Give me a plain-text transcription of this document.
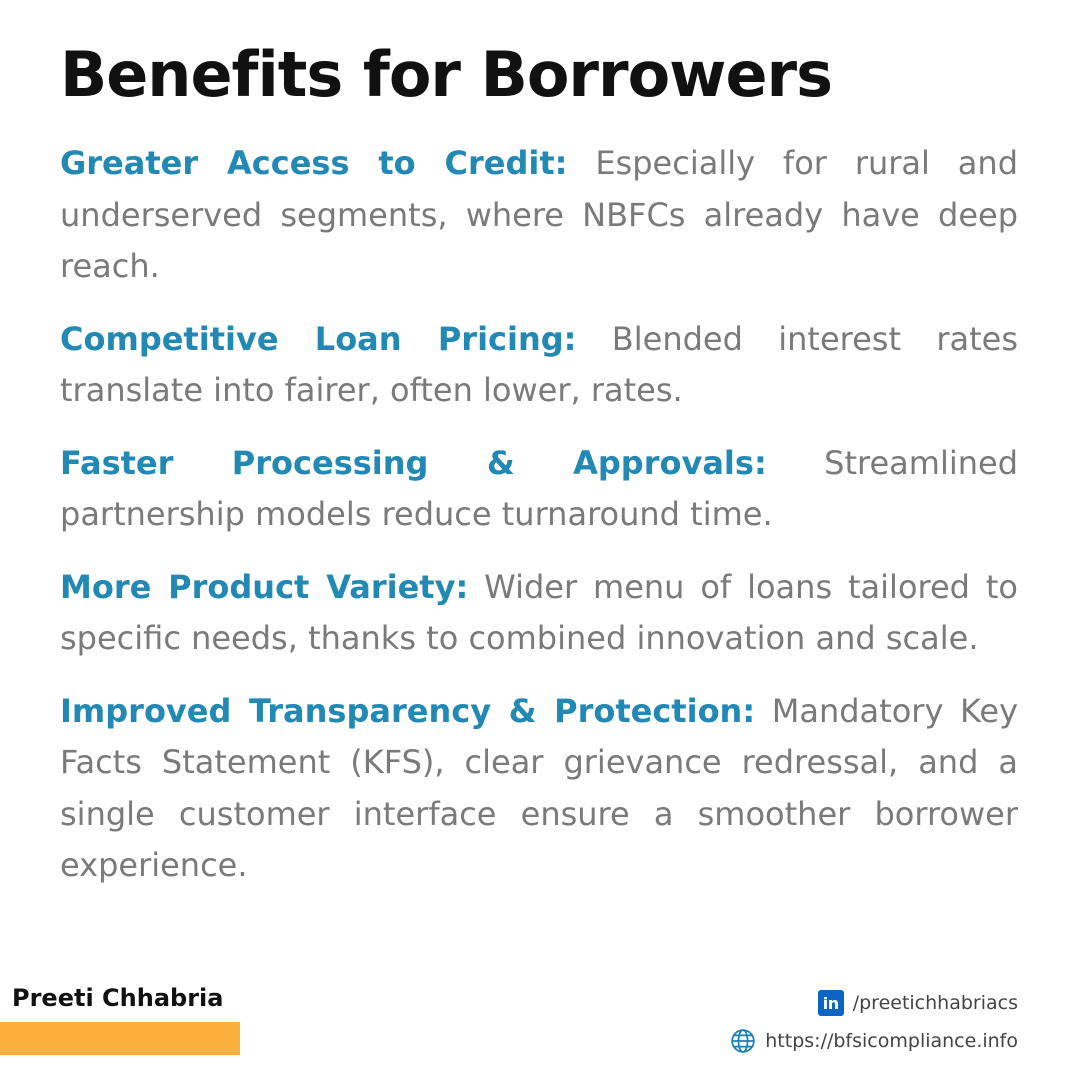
Benefits for Borrowers

Greater Access to Credit: Especially for rural and underserved segments, where NBFCs already have deep reach.

Competitive Loan Pricing: Blended interest rates translate into fairer, often lower, rates.

Faster Processing & Approvals: Streamlined partnership models reduce turnaround time.

More Product Variety: Wider menu of loans tailored to specific needs, thanks to combined innovation and scale.

Improved Transparency & Protection: Mandatory Key Facts Statement (KFS), clear grievance redressal, and a single customer interface ensure a smoother borrower experience.

Preeti Chhabria	in /preetichhabriacs
https://bfsicompliance.info
